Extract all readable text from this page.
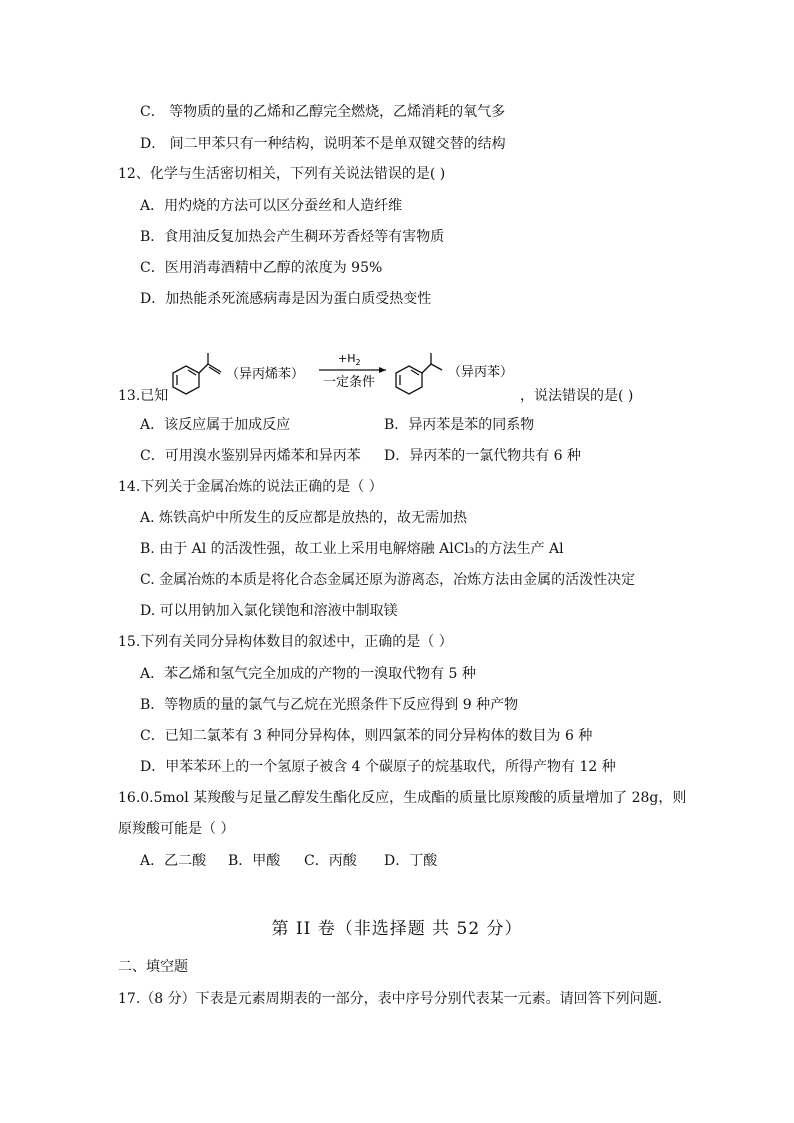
C． 等物质的量的乙烯和乙醇完全燃烧，乙烯消耗的氧气多
D． 间二甲苯只有一种结构，说明苯不是单双键交替的结构
12、化学与生活密切相关，下列有关说法错误的是( )
A．用灼烧的方法可以区分蚕丝和人造纤维
B．食用油反复加热会产生稠环芳香烃等有害物质
C．医用消毒酒精中乙醇的浓度为 95%
D．加热能杀死流感病毒是因为蛋白质受热变性
（异丙烯苯）
$+H_2$
一定条件
（异丙苯）
13.已知	，说法错误的是( )
A．该反应属于加成反应	B．异丙苯是苯的同系物
C．可用溴水鉴别异丙烯苯和异丙苯 D．异丙苯的一氯代物共有 6 种
14.下列关于金属冶炼的说法正确的是（ ）
A. 炼铁高炉中所发生的反应都是放热的，故无需加热
B. 由于 Al 的活泼性强，故工业上采用电解熔融 AlCl₃的方法生产 Al
C. 金属冶炼的本质是将化合态金属还原为游离态，冶炼方法由金属的活泼性决定
D. 可以用钠加入氯化镁饱和溶液中制取镁
15.下列有关同分异构体数目的叙述中，正确的是（ ）
A．苯乙烯和氢气完全加成的产物的一溴取代物有 5 种
B．等物质的量的氯气与乙烷在光照条件下反应得到 9 种产物
C．已知二氯苯有 3 种同分异构体，则四氯苯的同分异构体的数目为 6 种
D．甲苯苯环上的一个氢原子被含 4 个碳原子的烷基取代，所得产物有 12 种
16.0.5mol 某羧酸与足量乙醇发生酯化反应，生成酯的质量比原羧酸的质量增加了 28g，则
原羧酸可能是（ ）
A．乙二酸 B．甲酸 C．丙酸 D．丁酸
第 II 卷（非选择题 共 52 分）
二、填空题
17.（8 分）下表是元素周期表的一部分，表中序号分别代表某一元素。请回答下列问题．
